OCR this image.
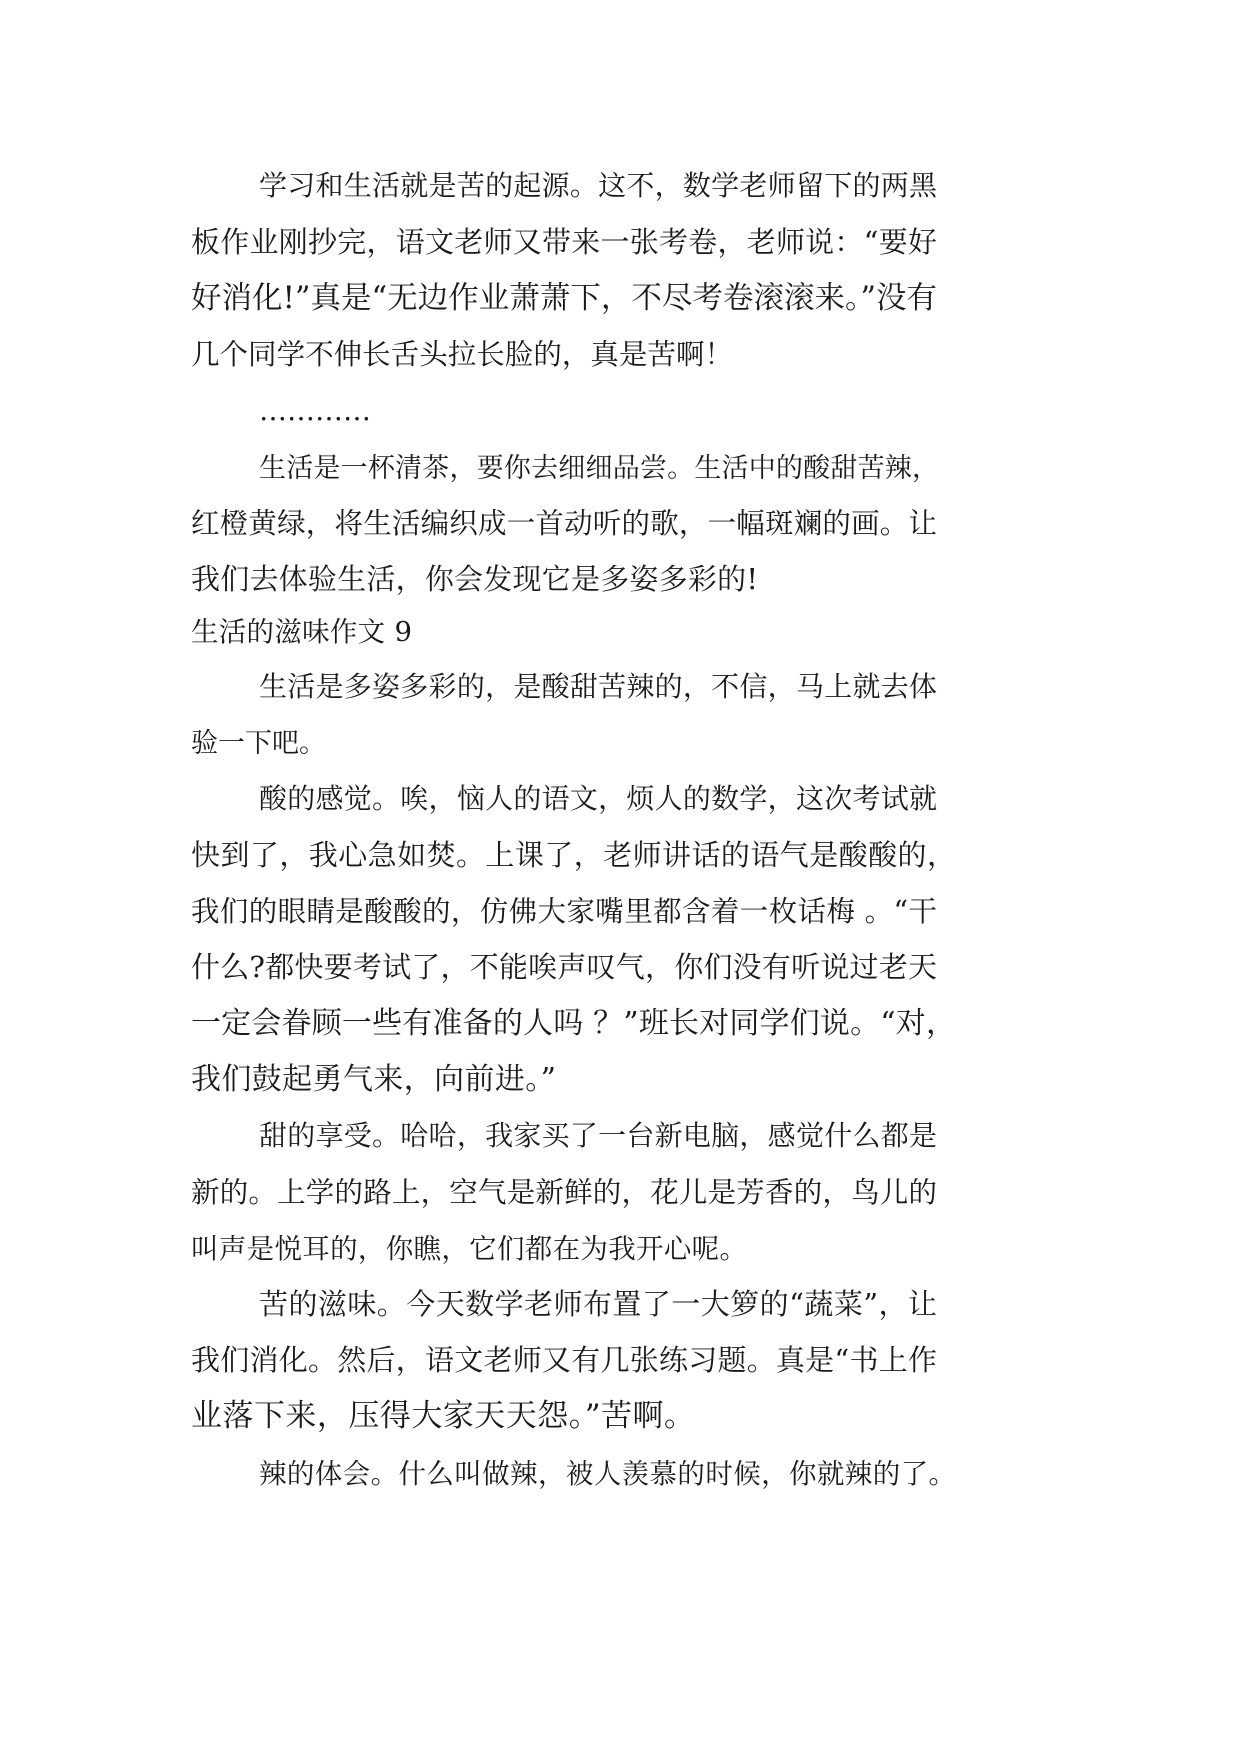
学习和生活就是苦的起源。这不，数学老师留下的两黑

板作业刚抄完，语文老师又带来一张考卷，老师说：“要好

好消化!”真是“无边作业萧萧下，不尽考卷滚滚来。”没有

几个同学不伸长舌头拉长脸的，真是苦啊！

…………

生活是一杯清茶，要你去细细品尝。生活中的酸甜苦辣，

红橙黄绿，将生活编织成一首动听的歌，一幅斑斓的画。让

我们去体验生活，你会发现它是多姿多彩的!

生活的滋味作文 9

生活是多姿多彩的，是酸甜苦辣的，不信，马上就去体

验一下吧。

酸的感觉。唉，恼人的语文，烦人的数学，这次考试就

快到了，我心急如焚。上课了，老师讲话的语气是酸酸的，

我们的眼睛是酸酸的，仿佛大家嘴里都含着一枚话梅 。“干

什么?都快要考试了，不能唉声叹气，你们没有听说过老天

一定会眷顾一些有准备的人吗 ？”班长对同学们说。“对，

我们鼓起勇气来，向前进。”

甜的享受。哈哈，我家买了一台新电脑，感觉什么都是

新的。上学的路上，空气是新鲜的，花儿是芳香的，鸟儿的

叫声是悦耳的，你瞧，它们都在为我开心呢。

苦的滋味。今天数学老师布置了一大箩的“蔬菜”，让

我们消化。然后，语文老师又有几张练习题。真是“书上作

业落下来，压得大家天天怨。”苦啊。

辣的体会。什么叫做辣，被人羡慕的时候，你就辣的了。
